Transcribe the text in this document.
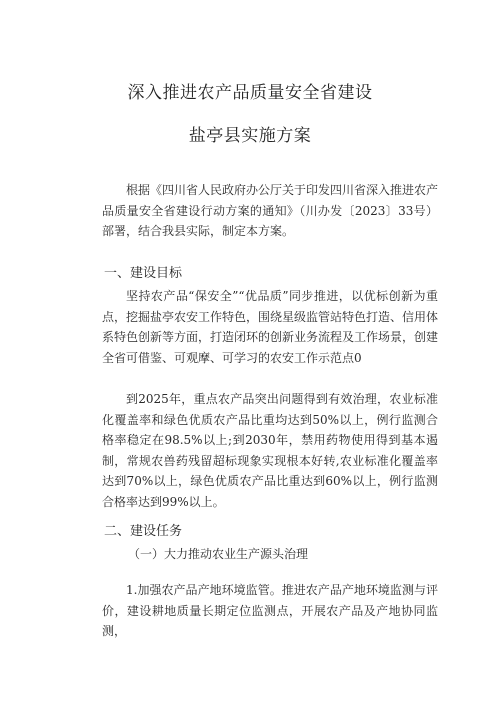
深入推进农产品质量安全省建设
盐亭县实施方案

根据《四川省人民政府办公厅关于印发四川省深入推进农产品质量安全省建设行动方案的通知》（川办发〔2023〕33号）部署，结合我县实际，制定本方案。

一、建设目标

坚持农产品“保安全”“优品质”同步推进，以优标创新为重点，挖掘盐亭农安工作特色，围绕星级监管站特色打造、信用体系特色创新等方面，打造闭环的创新业务流程及工作场景，创建全省可借鉴、可观摩、可学习的农安工作示范点0

到2025年，重点农产品突出问题得到有效治理，农业标准化覆盖率和绿色优质农产品比重均达到50%以上，例行监测合格率稳定在98.5%以上;到2030年，禁用药物使用得到基本遏制，常规农兽药残留超标现象实现根本好转,农业标准化覆盖率达到70%以上，绿色优质农产品比重达到60%以上，例行监测合格率达到99%以上。

二、建设任务

（一）大力推动农业生产源头治理

1.加强农产品产地环境监管。推进农产品产地环境监测与评价，建设耕地质量长期定位监测点，开展农产品及产地协同监测，
